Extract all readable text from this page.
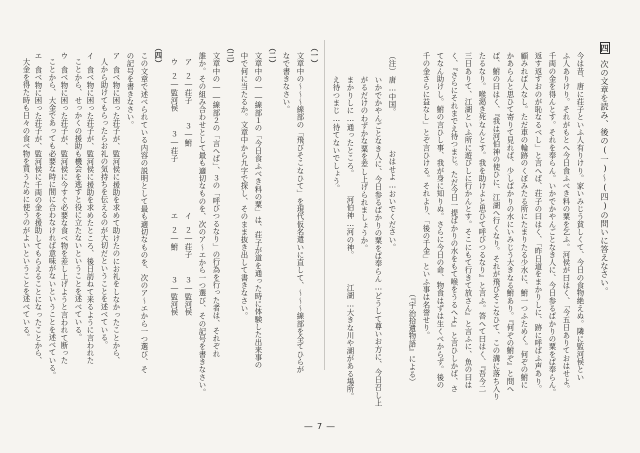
四次の文章を読み、後の(一)〜(四)の問いに答えなさい。
今は昔、唐に荘子といふ人有りけり。家いみじう貧しくて、今日の食物絶えぬ。隣に監河侯とい
ふ人ありけり。それがもとへ今日食ふべき料の粟を乞ふ。河侯が曰はく、「今五日ありておはせよ。
千両の金を得んとす。それを奉らん。いかでかやんごとなき人に、今日参るばかりの粟をば奉らん。
返す返すおのが恥なるべし」と言へば、荘子の曰はく、「昨日道をまかりしに、跡に呼ばふ声あり。
顧みれば人なし。ただ車の輪跡のくぼみたる所にたまりたる少水に、鮒一つふためく。何ぞの鮒に
かあらんと思ひて寄りて見れば、少しばかりの水にいみじう大きなる鮒あり。『何ぞの鮒ぞ』と問へ
ば、鮒の曰はく、『我は河伯神の使ひに、江湖へ行くなり。それが飛びそこなひて、この溝に落ち入り
たるなり。喉渇き死なんとす。我を助けよと思ひて呼びつるなり』と言ふ。答へて曰はく、『吾今二
三日ありて、江湖といふ所に遊びしに行かんとす。そこにもて行きて放さん』と言ふに、魚の曰は
く、『さらにそれまでえ待つまじ。ただ今日一提ばかりの水をもて喉をうるへよ』と言ひしかば、さ
てなん助けし。鮒の言ひし事、我が身に知りぬ。さらに今日の命、物食はずは生くべからず。後の
千の金さらに益なし」とぞ言ひける。それより、「後の千金」といふ事は名誉せり。
（『宇治拾遺物語』による）
（注）
唐…中国。
おはせよ…おいでください。
いかでかやんごとなき人に、今日参るばかりの粟をば奉らん…どうして尊いお方に、今日召し上
がるだけのわずかな粟を差し上げられましょうか。
まかりしに…通ったところ。
河伯神…河の神。
江湖…大きな川や湖がある場所。
え待つまじ…待てないでしょう。
（一）
文章中の～～～線部の「飛びそこなひて」を現代仮名遣いに直して、～～～線部を全てひらが
なで書きなさい。
（二）
文章中の――線部１の「今日食ふべき料の粟」は、荘子が道を通った時に体験した出来事の
中で何に当たるか。文章中から九字で探し、そのまま抜き出して書きなさい。
（三）
文章中の――線部２の「言へば」、３の「呼びつるなり」の行為を行った者は、それぞれ
誰か。その組み合わせとして最も適切なものを、次のア～エから一つ選び、その記号を書きなさい。
ア
２―荘子
３―鮒
イ
２―荘子
３―監河侯
ウ
２―監河侯
３―荘子
エ
２―鮒
３―監河侯
（四）
この文章で述べられている内容の説明として最も適切なものを、次のア～エから一つ選び、そ
の記号を書きなさい。
ア
食べ物に困った荘子が、監河侯に援助を求めて助けたのにお礼をしなかったことから、
人から助けてもらったらお礼の気持ちを伝えるのが大切だということを述べている。
イ
食べ物に困った荘子が、監河侯に援助を求めたところ、後日訪ねて来るように言われた
ことから、せっかくの援助も機会を逃すと役に立たないということを述べている。
ウ
食べ物に困った荘子が、監河侯に今すぐ必要な食べ物を差し上げようと言われて断った
ことから、大金であっても必要な時に間に合わなければ意味がないということを述べている。
エ
食べ物に困った荘子が、監河侯に千両の金を援助してもらえることになったことから、
大金を得た時も日々の食べ物を買うために使うのがよいということを述べている。
― 7 ―
